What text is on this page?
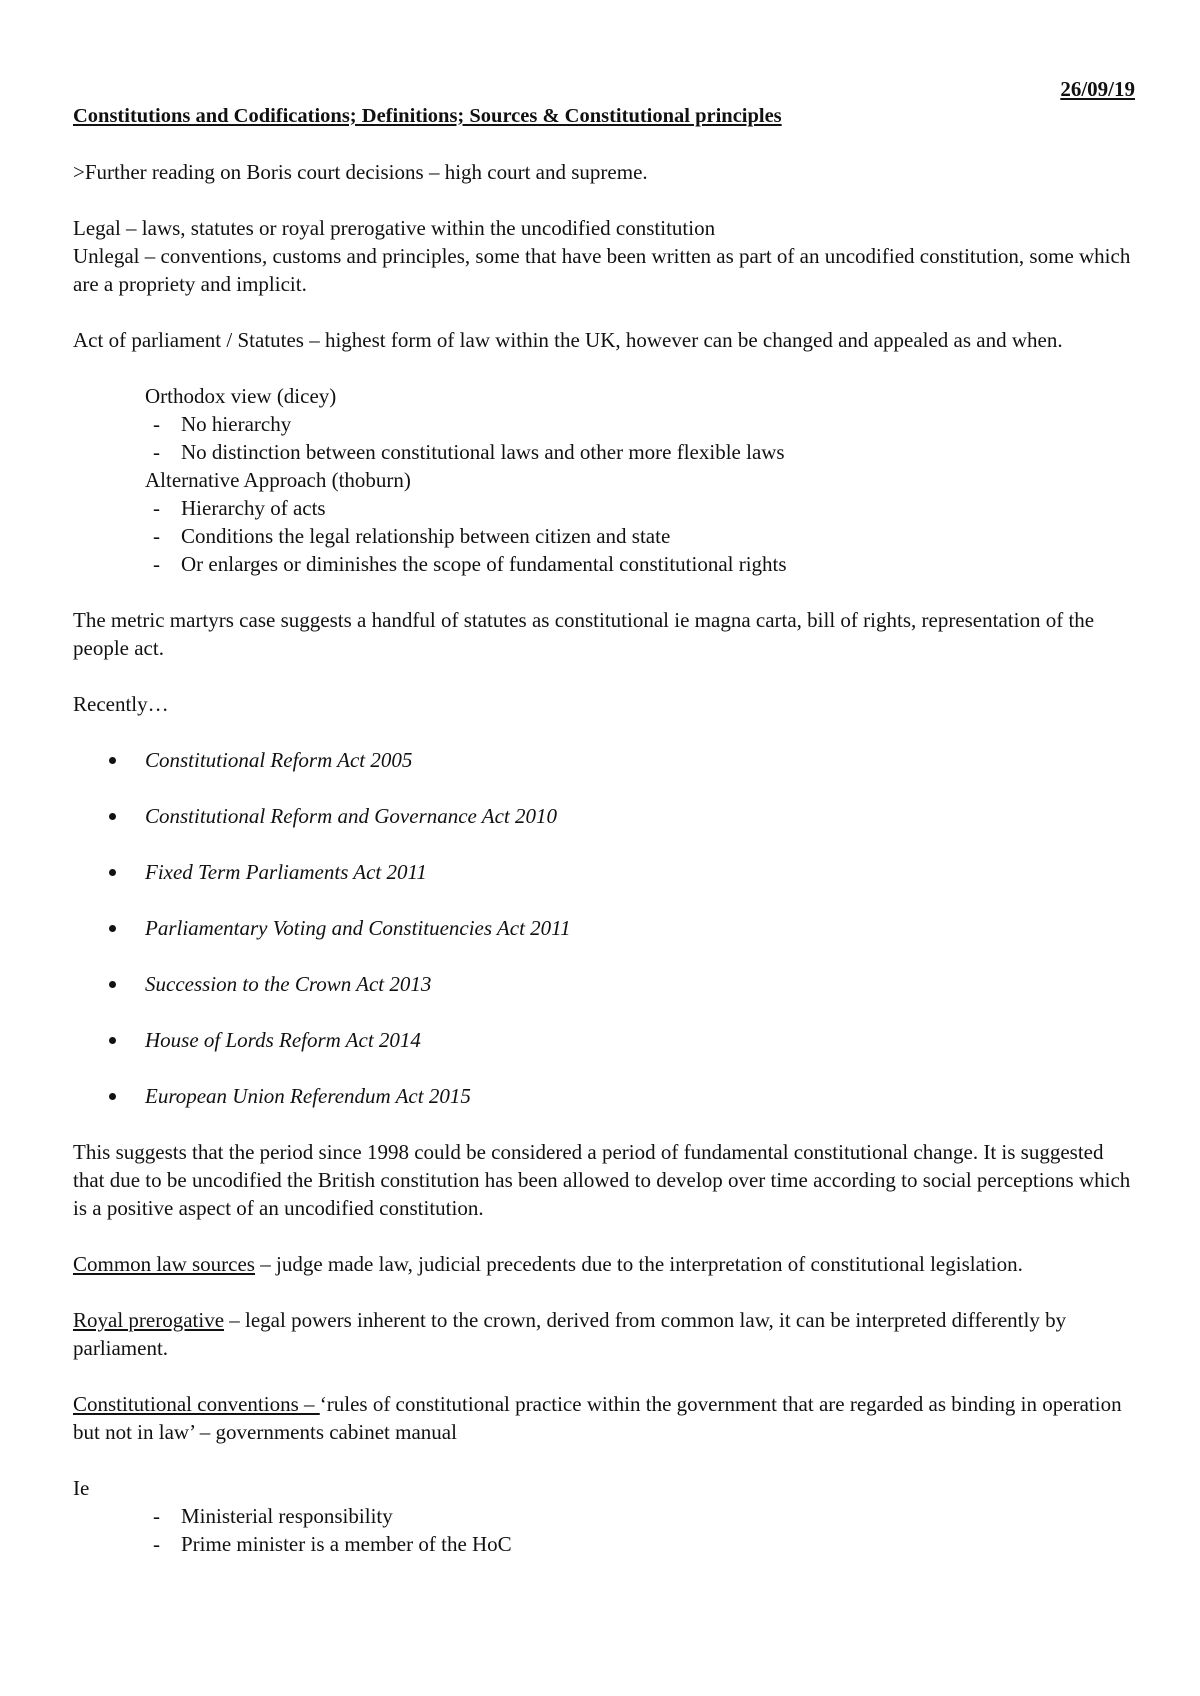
26/09/19

Constitutions and Codifications; Definitions; Sources & Constitutional principles

>Further reading on Boris court decisions – high court and supreme.

Legal – laws, statutes or royal prerogative within the uncodified constitution

Unlegal – conventions, customs and principles, some that have been written as part of an uncodified constitution, some which are a propriety and implicit.

Act of parliament / Statutes – highest form of law within the UK, however can be changed and appealed as and when.

Orthodox view (dicey)

- No hierarchy
- No distinction between constitutional laws and other more flexible laws

Alternative Approach (thoburn)

- Hierarchy of acts
- Conditions the legal relationship between citizen and state
- Or enlarges or diminishes the scope of fundamental constitutional rights

The metric martyrs case suggests a handful of statutes as constitutional ie magna carta, bill of rights, representation of the people act.

Recently…

Constitutional Reform Act 2005
Constitutional Reform and Governance Act 2010
Fixed Term Parliaments Act 2011
Parliamentary Voting and Constituencies Act 2011
Succession to the Crown Act 2013
House of Lords Reform Act 2014
European Union Referendum Act 2015

This suggests that the period since 1998 could be considered a period of fundamental constitutional change. It is suggested that due to be uncodified the British constitution has been allowed to develop over time according to social perceptions which is a positive aspect of an uncodified constitution.

Common law sources – judge made law, judicial precedents due to the interpretation of constitutional legislation.

Royal prerogative – legal powers inherent to the crown, derived from common law, it can be interpreted differently by parliament.

Constitutional conventions – ‘rules of constitutional practice within the government that are regarded as binding in operation but not in law’ – governments cabinet manual

Ie

- Ministerial responsibility
- Prime minister is a member of the HoC
